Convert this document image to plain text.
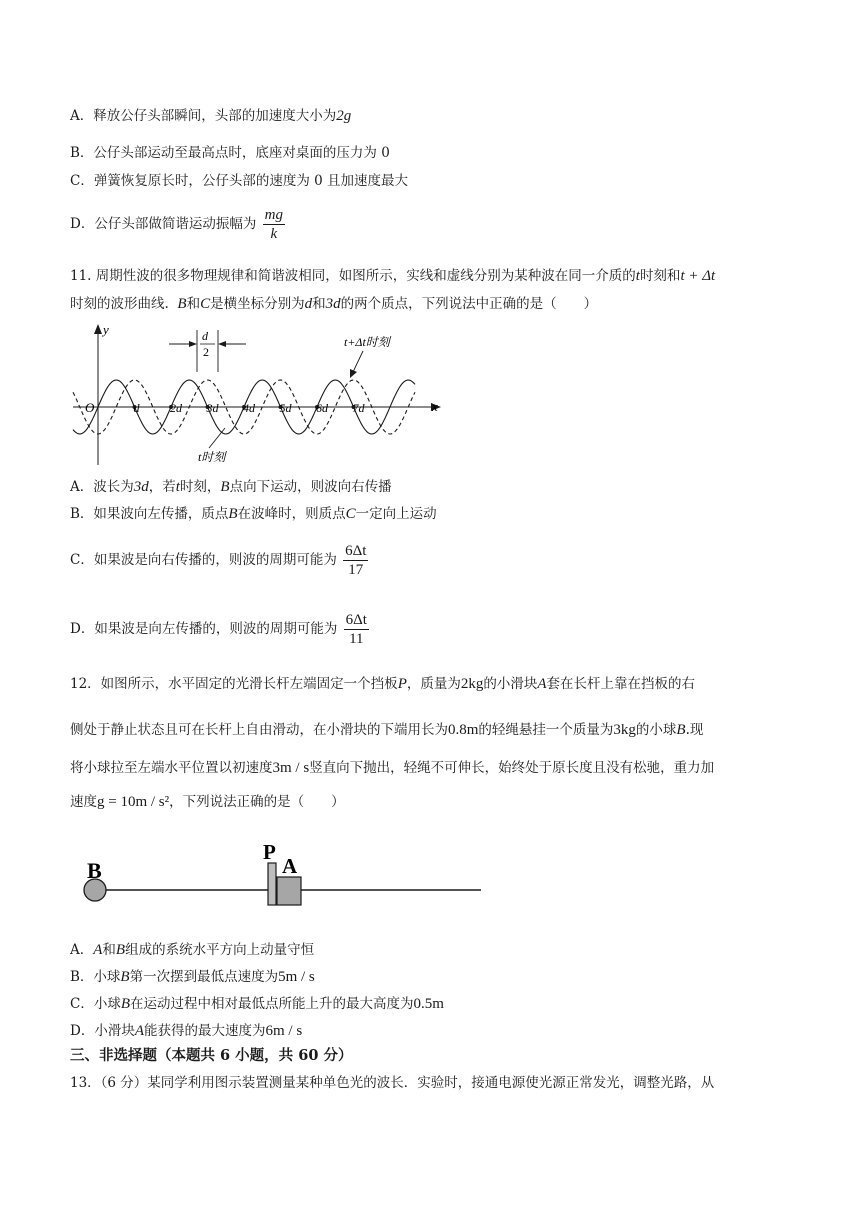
A．释放公仔头部瞬间，头部的加速度大小为2g
B．公仔头部运动至最高点时，底座对桌面的压力为 0
C．弹簧恢复原长时，公仔头部的速度为 0 且加速度最大
D．公仔头部做简谐运动振幅为 $\frac{mg}{k}$
11. 周期性波的很多物理规律和简谐波相同，如图所示，实线和虚线分别为某种波在同一介质的t时刻和t + Δt
时刻的波形曲线. B和C是横坐标分别为d和3d的两个质点，下列说法中正确的是（　　）
y
x
O	d	2d 3d 4d 5d 6d 7d
d
2
t+Δt时刻
t时刻
A．波长为3d，若t时刻，B点向下运动，则波向右传播
B．如果波向左传播，质点B在波峰时，则质点C一定向上运动
C．如果波是向右传播的，则波的周期可能为 $\frac{6\Delta t}{17}$
D．如果波是向左传播的，则波的周期可能为 $\frac{6\Delta t}{11}$
12．如图所示，水平固定的光滑长杆左端固定一个挡板P，质量为2kg的小滑块A套在长杆上靠在挡板的右
侧处于静止状态且可在长杆上自由滑动，在小滑块的下端用长为0.8m的轻绳悬挂一个质量为3kg的小球B.现
将小球拉至左端水平位置以初速度3m / s竖直向下抛出，轻绳不可伸长，始终处于原长度且没有松驰，重力加
速度g = 10m / s²，下列说法正确的是（　　）
B
P
A
A．A和B组成的系统水平方向上动量守恒
B．小球B第一次摆到最低点速度为5m / s
C．小球B在运动过程中相对最低点所能上升的最大高度为0.5m
D．小滑块A能获得的最大速度为6m / s
三、非选择题（本题共 6 小题，共 60 分）
13．（6 分）某同学利用图示装置测量某种单色光的波长．实验时，接通电源使光源正常发光，调整光路，从
